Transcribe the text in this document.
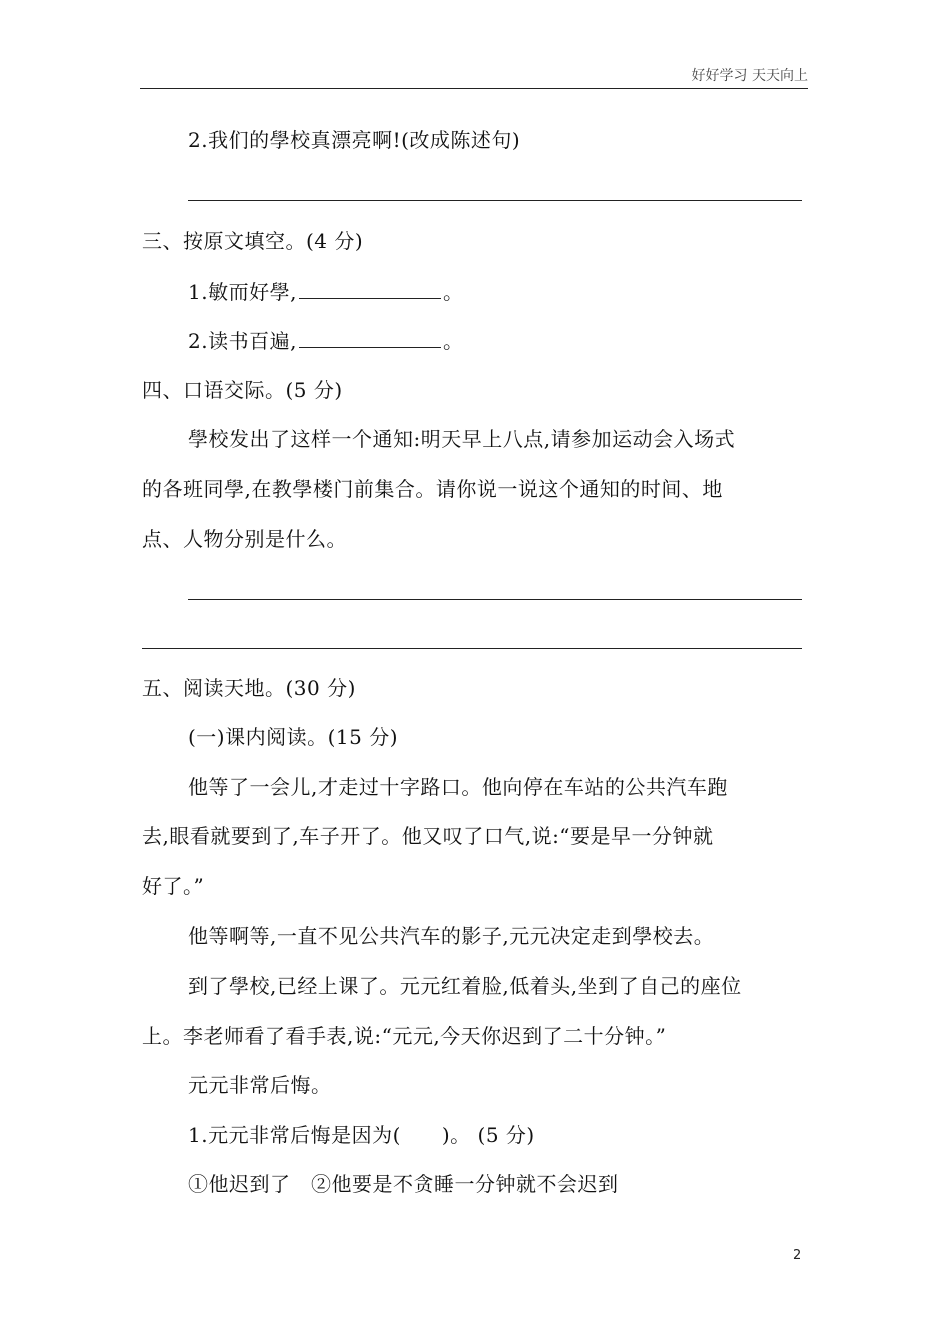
好好学习 天天向上
2.我们的學校真漂亮啊!(改成陈述句)
三、按原文填空。(4 分)
1.敏而好學,	。
2.读书百遍,	。
四、口语交际。(5 分)
學校发出了这样一个通知:明天早上八点,请参加运动会入场式
的各班同學,在教學楼门前集合。请你说一说这个通知的时间、地
点、人物分别是什么。
五、阅读天地。(30 分)
(一)课内阅读。(15 分)
他等了一会儿,才走过十字路口。他向停在车站的公共汽车跑
去,眼看就要到了,车子开了。他又叹了口气,说:“要是早一分钟就
好了。”
他等啊等,一直不见公共汽车的影子,元元决定走到學校去。
到了學校,已经上课了。元元红着脸,低着头,坐到了自己的座位
上。李老师看了看手表,说:“元元,今天你迟到了二十分钟。”
元元非常后悔。
1.元元非常后悔是因为(　　)。 (5 分)
①他迟到了　②他要是不贪睡一分钟就不会迟到
2
